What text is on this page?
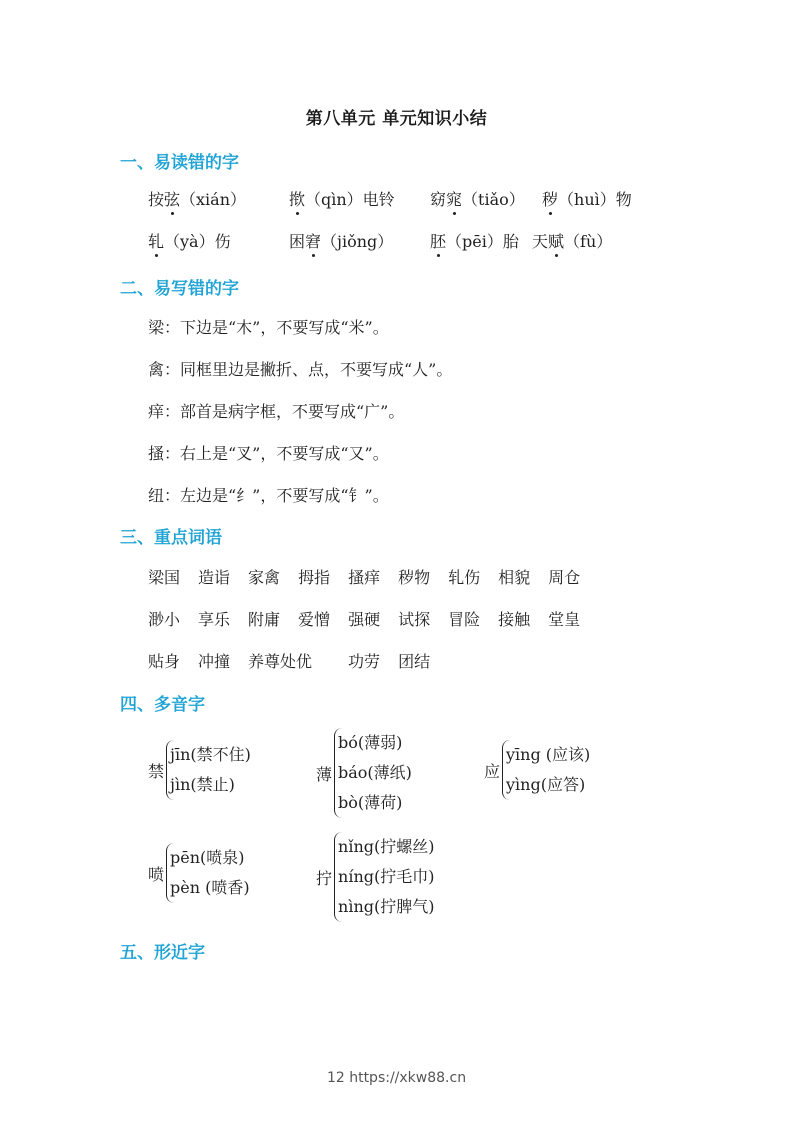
第八单元 单元知识小结
一、易读错的字
按弦（xián）	揿（qìn）电铃 窈窕（tiǎo） 秽（huì）物
轧（yà）伤	困窘（jiǒng） 胚（pēi）胎 天赋（fù）
二、易写错的字
梁：下边是“木”，不要写成“米”。
禽：同框里边是撇折、点，不要写成“人”。
痒：部首是病字框，不要写成“广”。
搔：右上是“叉”，不要写成“又”。
纽：左边是“纟”，不要写成“钅”。
三、重点词语
梁国 造诣 家禽 拇指 搔痒 秽物 轧伤 相貌 周仓
渺小 享乐 附庸 爱憎 强硬 试探 冒险 接触 堂皇
贴身 冲撞 养尊处优 功劳 团结
四、多音字
禁
jīn(禁不住)
jìn(禁止)
薄
bó(薄弱)
báo(薄纸)
bò(薄荷)
应
yīng (应该)
yìng(应答)
喷
pēn(喷泉)
pèn (喷香)	拧
nǐng(拧螺丝)
níng(拧毛巾)
nìng(拧脾气)
五、形近字
12 https://xkw88.cn
